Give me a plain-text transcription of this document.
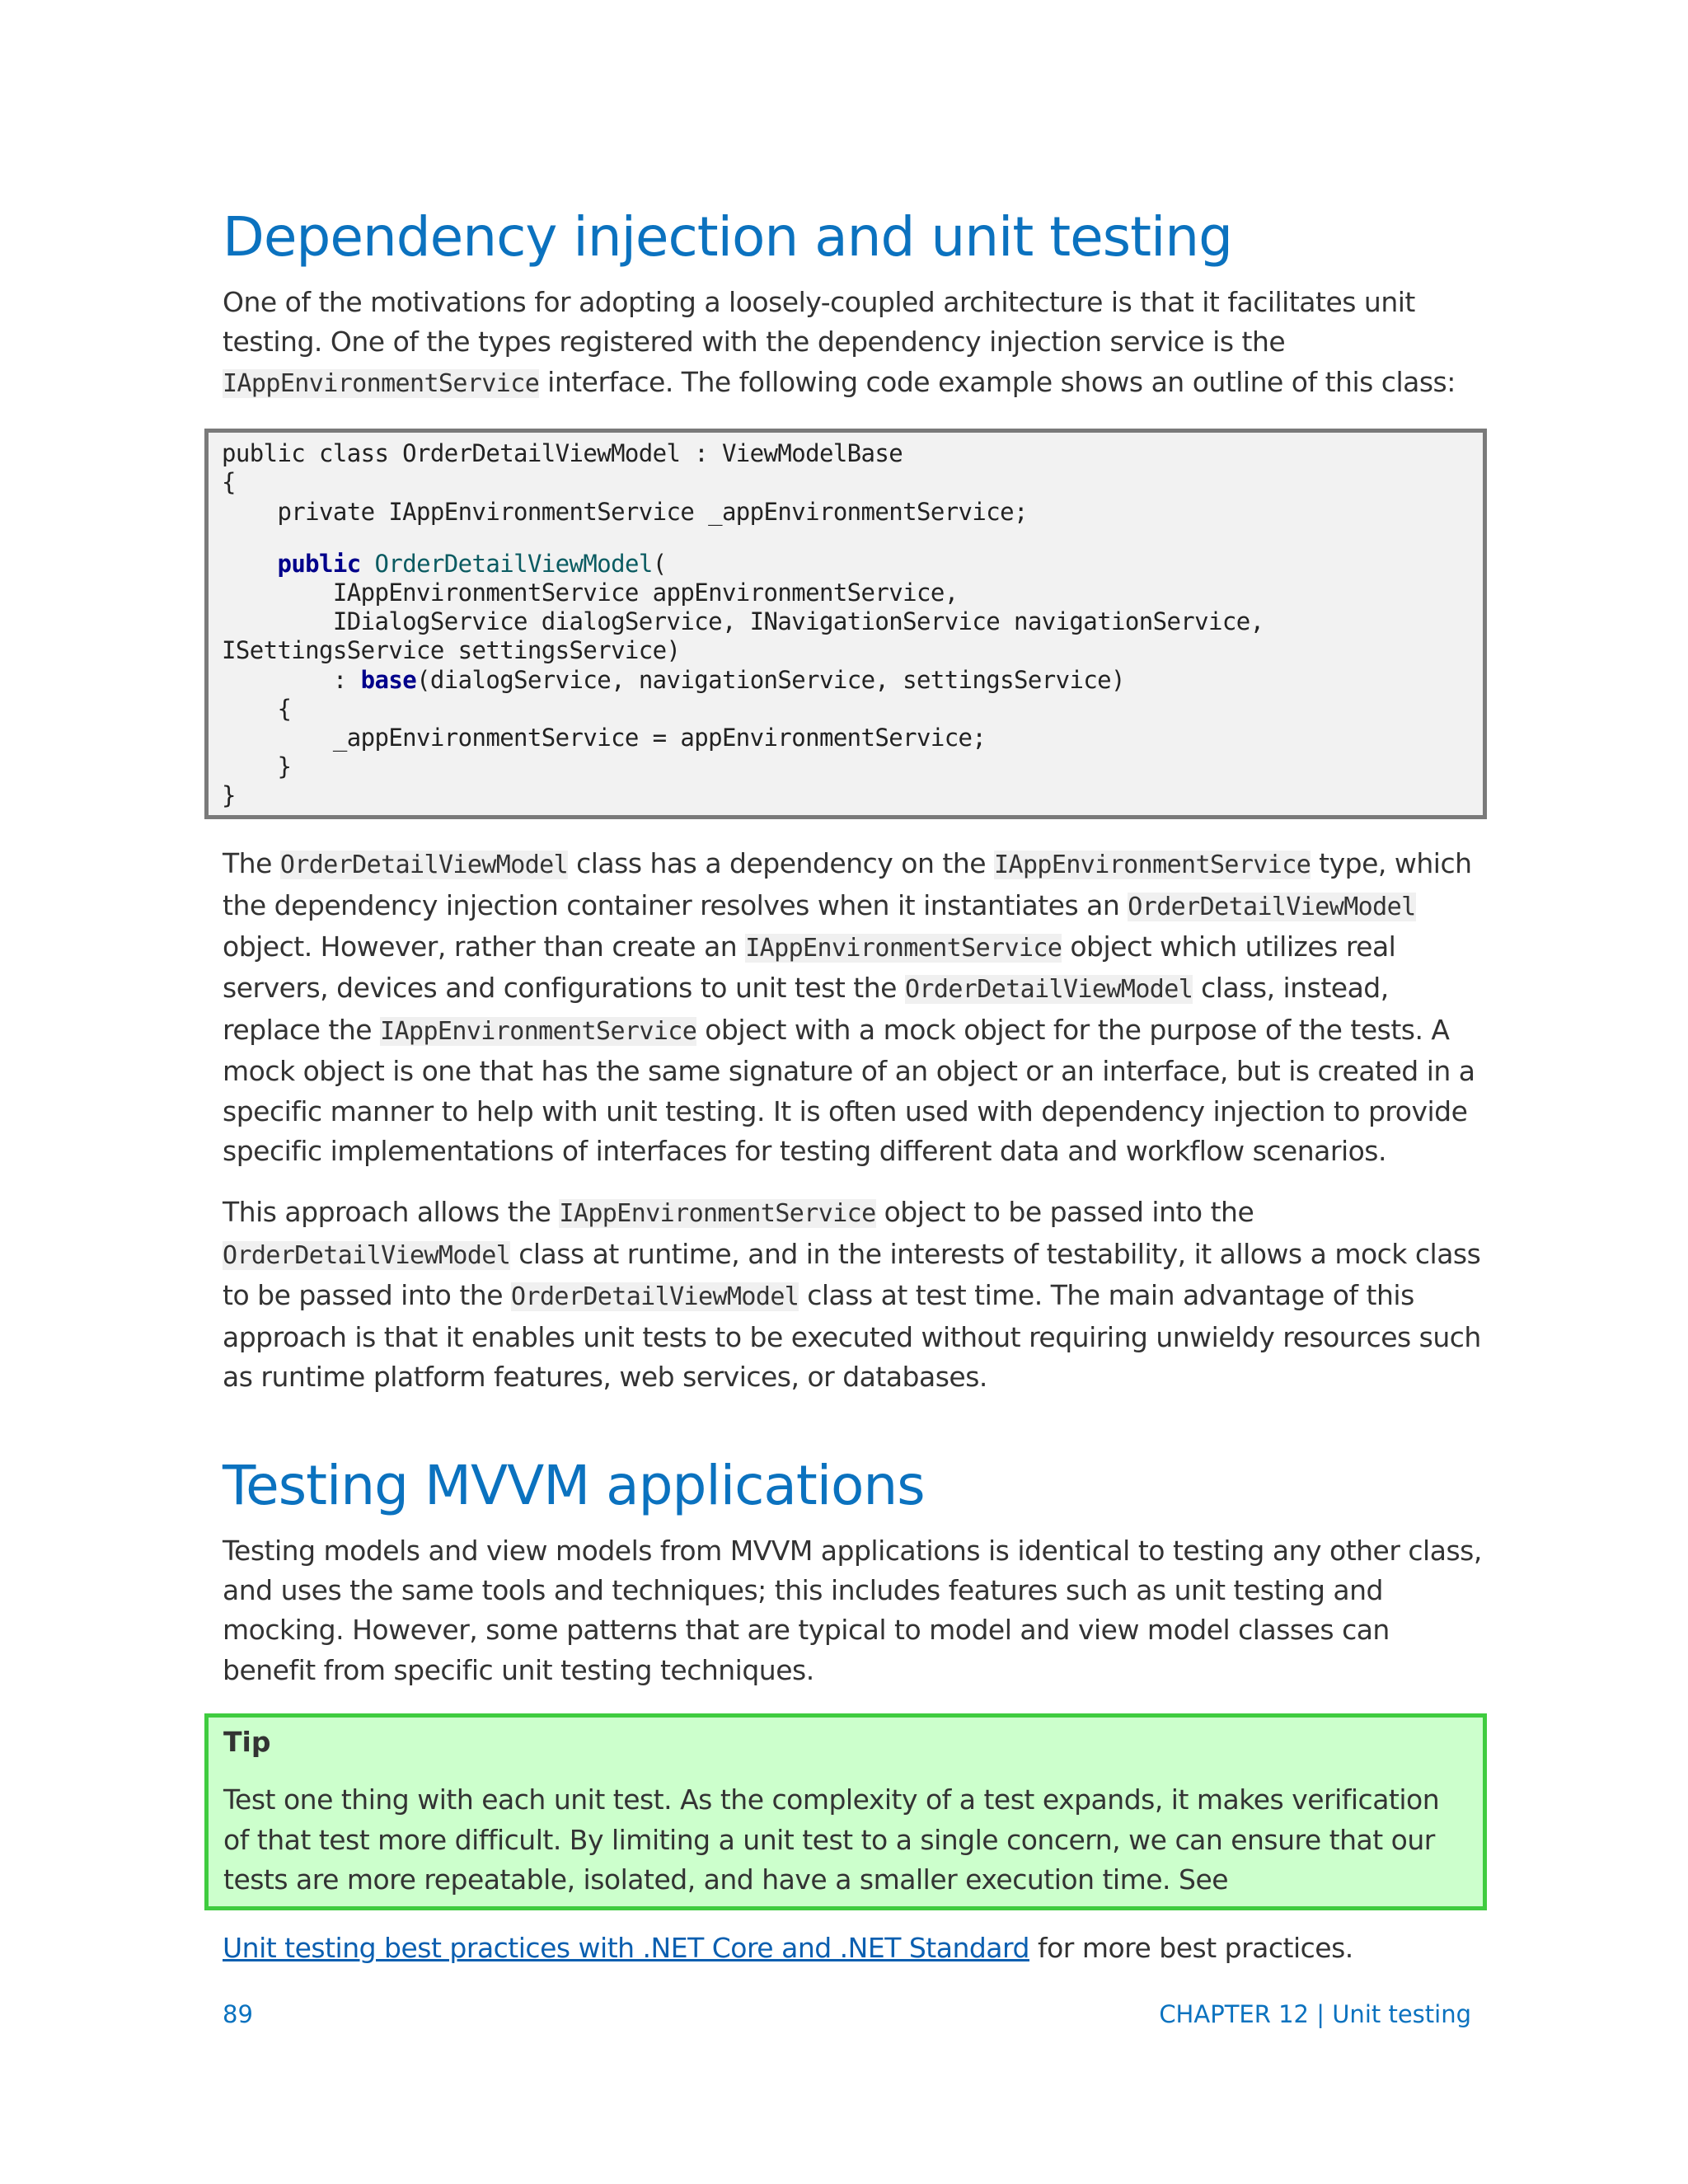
Dependency injection and unit testing

One of the motivations for adopting a loosely-coupled architecture is that it facilitates unit testing. One of the types registered with the dependency injection service is the IAppEnvironmentService interface. The following code example shows an outline of this class:

public class OrderDetailViewModel : ViewModelBase
{
private IAppEnvironmentService _appEnvironmentService;
public OrderDetailViewModel(
IAppEnvironmentService appEnvironmentService,
IDialogService dialogService, INavigationService navigationService,
ISettingsService settingsService)
: base(dialogService, navigationService, settingsService)
{
_appEnvironmentService = appEnvironmentService;
}
}

The OrderDetailViewModel class has a dependency on the IAppEnvironmentService type, which the dependency injection container resolves when it instantiates an OrderDetailViewModel object. However, rather than create an IAppEnvironmentService object which utilizes real servers, devices and configurations to unit test the OrderDetailViewModel class, instead, replace the IAppEnvironmentService object with a mock object for the purpose of the tests. A mock object is one that has the same signature of an object or an interface, but is created in a specific manner to help with unit testing. It is often used with dependency injection to provide specific implementations of interfaces for testing different data and workflow scenarios.

This approach allows the IAppEnvironmentService object to be passed into the OrderDetailViewModel class at runtime, and in the interests of testability, it allows a mock class to be passed into the OrderDetailViewModel class at test time. The main advantage of this approach is that it enables unit tests to be executed without requiring unwieldy resources such as runtime platform features, web services, or databases.

Testing MVVM applications

Testing models and view models from MVVM applications is identical to testing any other class, and uses the same tools and techniques; this includes features such as unit testing and mocking. However, some patterns that are typical to model and view model classes can benefit from specific unit testing techniques.

Tip

Test one thing with each unit test. As the complexity of a test expands, it makes verification of that test more difficult. By limiting a unit test to a single concern, we can ensure that our tests are more repeatable, isolated, and have a smaller execution time. See

Unit testing best practices with .NET Core and .NET Standard for more best practices.

89	CHAPTER 12 | Unit testing
